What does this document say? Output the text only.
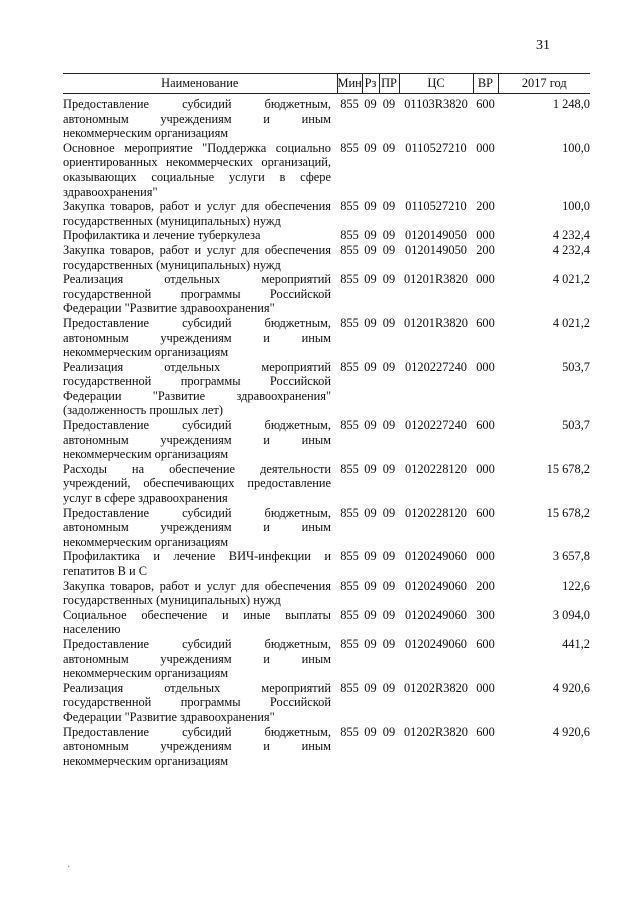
31
Наименование	Мин	Рз	ПР	ЦС	ВР	2017 год
Предоставление субсидий бюджетным, автономным учреждениям и иным некоммерческим организациям	855	09	09	01103R3820	600	1 248,0
Основное мероприятие "Поддержка социально ориентированных некоммерческих организаций, оказывающих социальные услуги в сфере здравоохранения"	855	09	09	0110527210	000	100,0
Закупка товаров, работ и услуг для обеспечения государственных (муниципальных) нужд	855	09	09	0110527210	200	100,0
Профилактика и лечение туберкулеза	855	09	09	0120149050	000	4 232,4
Закупка товаров, работ и услуг для обеспечения государственных (муниципальных) нужд	855	09	09	0120149050	200	4 232,4
Реализация отдельных мероприятий государственной программы Российской Федерации "Развитие здравоохранения"	855	09	09	01201R3820	000	4 021,2
Предоставление субсидий бюджетным, автономным учреждениям и иным некоммерческим организациям	855	09	09	01201R3820	600	4 021,2
Реализация отдельных мероприятий государственной программы Российской Федерации "Развитие здравоохранения" (задолженность прошлых лет)	855	09	09	0120227240	000	503,7
Предоставление субсидий бюджетным, автономным учреждениям и иным некоммерческим организациям	855	09	09	0120227240	600	503,7
Расходы на обеспечение деятельности учреждений, обеспечивающих предоставление услуг в сфере здравоохранения	855	09	09	0120228120	000	15 678,2
Предоставление субсидий бюджетным, автономным учреждениям и иным некоммерческим организациям	855	09	09	0120228120	600	15 678,2
Профилактика и лечение ВИЧ-инфекции и гепатитов В и С	855	09	09	0120249060	000	3 657,8
Закупка товаров, работ и услуг для обеспечения государственных (муниципальных) нужд	855	09	09	0120249060	200	122,6
Социальное обеспечение и иные выплаты населению	855	09	09	0120249060	300	3 094,0
Предоставление субсидий бюджетным, автономным учреждениям и иным некоммерческим организациям	855	09	09	0120249060	600	441,2
Реализация отдельных мероприятий государственной программы Российской Федерации "Развитие здравоохранения"	855	09	09	01202R3820	000	4 920,6
Предоставление субсидий бюджетным, автономным учреждениям и иным некоммерческим организациям	855	09	09	01202R3820	600	4 920,6
·
